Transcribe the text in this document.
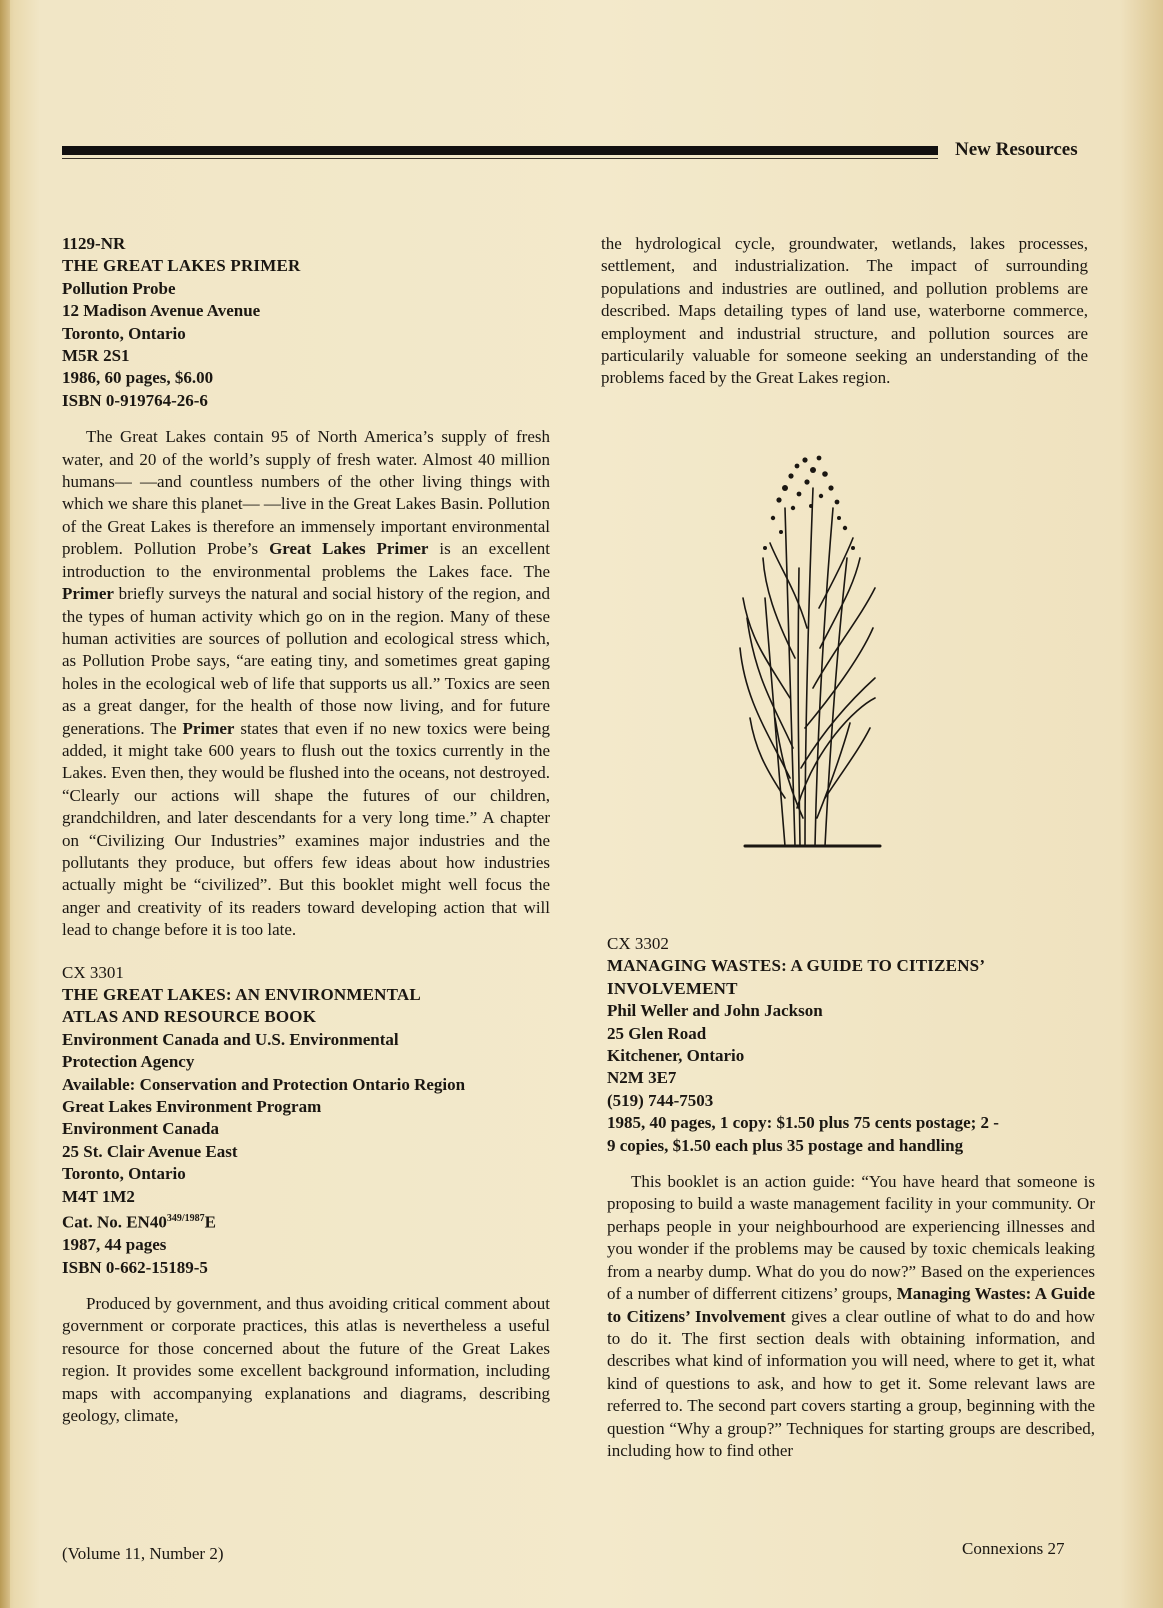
New Resources
1129-NR
THE GREAT LAKES PRIMER
Pollution Probe
12 Madison Avenue Avenue
Toronto, Ontario
M5R 2S1
1986, 60 pages, $6.00
ISBN 0-919764-26-6

The Great Lakes contain 95 of North America’s supply of fresh water, and 20 of the world’s supply of fresh water. Almost 40 million humans— —and countless numbers of the other living things with which we share this planet— —live in the Great Lakes Basin. Pollution of the Great Lakes is therefore an immensely important environmental problem. Pollution Probe’s Great Lakes Primer is an excellent introduction to the environmental problems the Lakes face. The Primer briefly surveys the natural and social history of the region, and the types of human activity which go on in the region. Many of these human activities are sources of pollution and ecological stress which, as Pollution Probe says, “are eating tiny, and sometimes great gaping holes in the ecological web of life that supports us all.” Toxics are seen as a great danger, for the health of those now living, and for future generations. The Primer states that even if no new toxics were being added, it might take 600 years to flush out the toxics currently in the Lakes. Even then, they would be flushed into the oceans, not destroyed. “Clearly our actions will shape the futures of our children, grandchildren, and later descendants for a very long time.” A chapter on “Civilizing Our Industries” examines major industries and the pollutants they produce, but offers few ideas about how industries actually might be “civilized”. But this booklet might well focus the anger and creativity of its readers toward developing action that will lead to change before it is too late.

CX 3301
THE GREAT LAKES: AN ENVIRONMENTAL
ATLAS AND RESOURCE BOOK
Environment Canada and U.S. Environmental
Protection Agency
Available: Conservation and Protection Ontario Region
Great Lakes Environment Program
Environment Canada
25 St. Clair Avenue East
Toronto, Ontario
M4T 1M2
Cat. No. $EN40^{349/1987}E$
1987, 44 pages
ISBN 0-662-15189-5

Produced by government, and thus avoiding critical comment about government or corporate practices, this atlas is nevertheless a useful resource for those concerned about the future of the Great Lakes region. It provides some excellent background information, including maps with accompanying explanations and diagrams, describing geology, climate,

the hydrological cycle, groundwater, wetlands, lakes processes, settlement, and industrialization. The impact of surrounding populations and industries are outlined, and pollution problems are described. Maps detailing types of land use, waterborne commerce, employment and industrial structure, and pollution sources are particularily valuable for someone seeking an understanding of the problems faced by the Great Lakes region.

CX 3302
MANAGING WASTES: A GUIDE TO CITIZENS’
INVOLVEMENT
Phil Weller and John Jackson
25 Glen Road
Kitchener, Ontario
N2M 3E7
(519) 744-7503
1985, 40 pages, 1 copy: $1.50 plus 75 cents postage; 2 -
9 copies, $1.50 each plus 35 postage and handling

This booklet is an action guide: “You have heard that someone is proposing to build a waste management facility in your community. Or perhaps people in your neighbourhood are experiencing illnesses and you wonder if the problems may be caused by toxic chemicals leaking from a nearby dump. What do you do now?” Based on the experiences of a number of differrent citizens’ groups, Managing Wastes: A Guide to Citizens’ Involvement gives a clear outline of what to do and how to do it. The first section deals with obtaining information, and describes what kind of information you will need, where to get it, what kind of questions to ask, and how to get it. Some relevant laws are referred to. The second part covers starting a group, beginning with the question “Why a group?” Techniques for starting groups are described, including how to find other

(Volume 11, Number 2)	Connexions 27
